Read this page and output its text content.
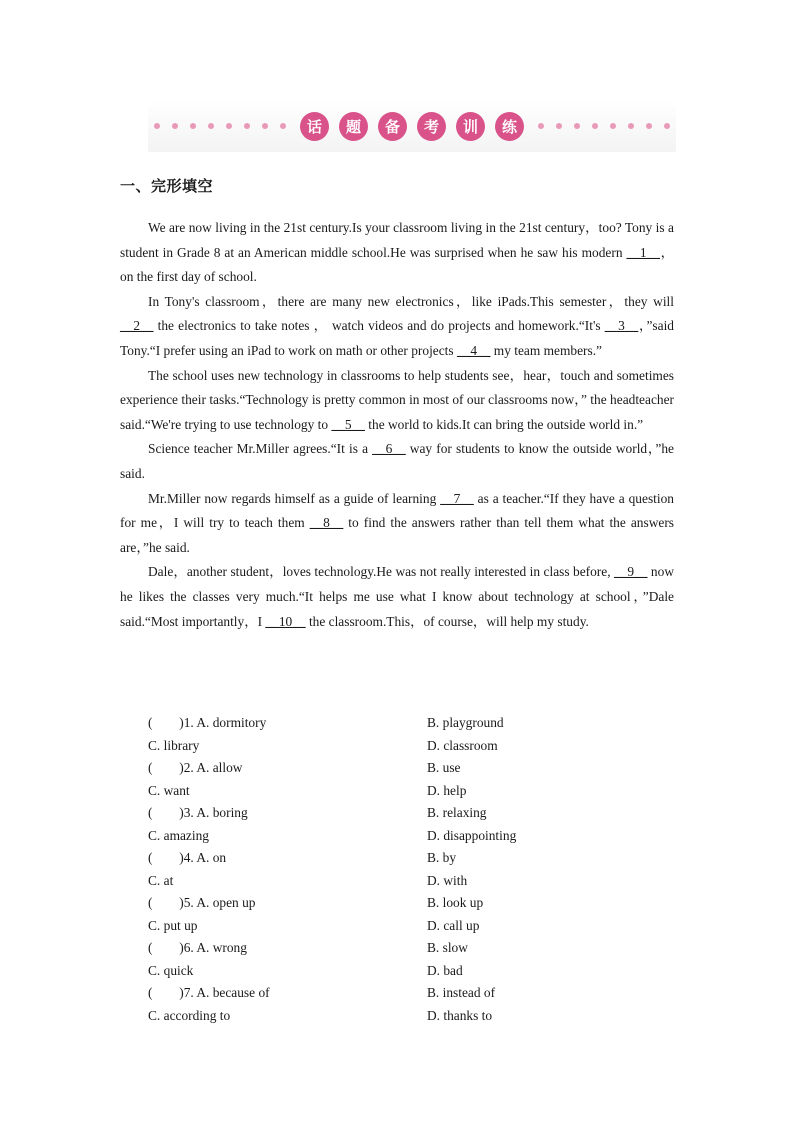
话	题	备	考	训	练
一、完形填空

We are now living in the 21st century.Is your classroom living in the 21st century，too? Tony is a student in Grade 8 at an American middle school.He was surprised when he saw his modern __1__，on the first day of school.

In Tony's classroom，there are many new electronics，like iPads.This semester，they will __2__ the electronics to take notes ， watch videos and do projects and homework.“It's __3__，”said Tony.“I prefer using an iPad to work on math or other projects __4__ my team members.”

The school uses new technology in classrooms to help students see，hear，touch and sometimes experience their tasks.“Technology is pretty common in most of our classrooms now，” the headteacher said.“We're trying to use technology to __5__ the world to kids.It can bring the outside world in.”

Science teacher Mr.Miller agrees.“It is a __6__ way for students to know the outside world，”he said.

Mr.Miller now regards himself as a guide of learning __7__ as a teacher.“If they have a question for me，I will try to teach them __8__ to find the answers rather than tell them what the answers are，”he said.

Dale，another student，loves technology.He was not really interested in class before, __9__ now he likes the classes very much.“It helps me use what I know about technology at school，”Dale said.“Most importantly，I __10__ the classroom.This，of course，will help my study.

(        )1. A. dormitory	B. playground
C. library	D. classroom
(        )2. A. allow	B. use
C. want	D. help
(        )3. A. boring	B. relaxing
C. amazing	D. disappointing
(        )4. A. on	B. by
C. at	D. with
(        )5. A. open up	B. look up
C. put up	D. call up
(        )6. A. wrong	B. slow
C. quick	D. bad
(        )7. A. because of	B. instead of
C. according to	D. thanks to
